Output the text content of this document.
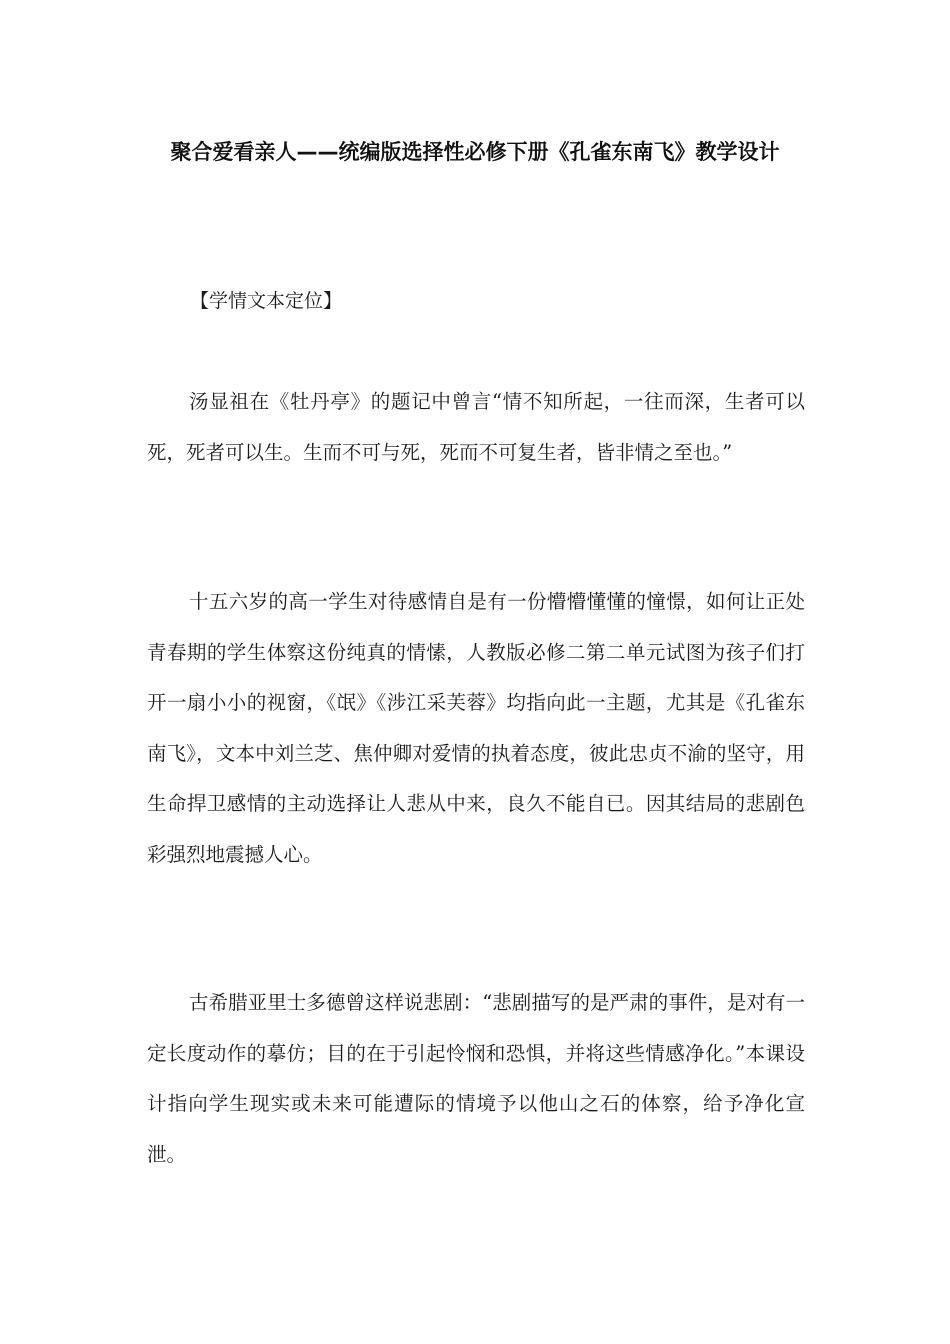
聚合爱看亲人——统编版选择性必修下册《孔雀东南飞》教学设计
【学情文本定位】

汤显祖在《牡丹亭》的题记中曾言“情不知所起，一往而深，生者可以死，死者可以生。生而不可与死，死而不可复生者，皆非情之至也。”

十五六岁的高一学生对待感情自是有一份懵懵懂懂的憧憬，如何让正处青春期的学生体察这份纯真的情愫，人教版必修二第二单元试图为孩子们打开一扇小小的视窗，《氓》《涉江采芙蓉》均指向此一主题，尤其是《孔雀东南飞》，文本中刘兰芝、焦仲卿对爱情的执着态度，彼此忠贞不渝的坚守，用生命捍卫感情的主动选择让人悲从中来，良久不能自已。因其结局的悲剧色彩强烈地震撼人心。

古希腊亚里士多德曾这样说悲剧：“悲剧描写的是严肃的事件，是对有一定长度动作的摹仿；目的在于引起怜悯和恐惧，并将这些情感净化。”本课设计指向学生现实或未来可能遭际的情境予以他山之石的体察，给予净化宣泄。
